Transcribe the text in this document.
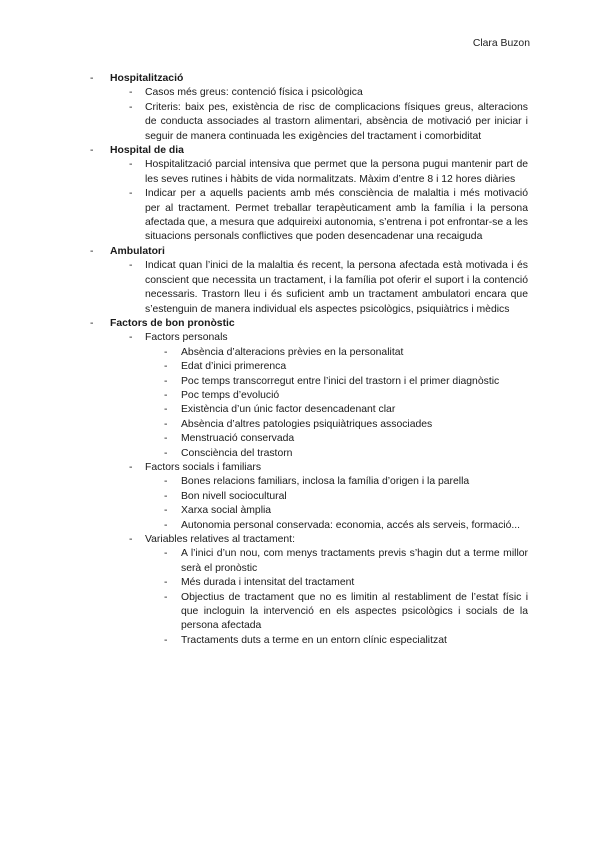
Clara Buzon
- Hospitalització
- Casos més greus: contenció física i psicològica
- Criteris: baix pes, existència de risc de complicacions físiques greus, alteracions de conducta associades al trastorn alimentari, absència de motivació per iniciar i seguir de manera continuada les exigències del tractament i comorbiditat
- Hospital de dia
- Hospitalització parcial intensiva que permet que la persona pugui mantenir part de les seves rutines i hàbits de vida normalitzats. Màxim d’entre 8 i 12 hores diàries
- Indicar per a aquells pacients amb més consciència de malaltia i més motivació per al tractament. Permet treballar terapèuticament amb la família i la persona afectada que, a mesura que adquireixi autonomia, s’entrena i pot enfrontar-se a les situacions personals conflictives que poden desencadenar una recaiguda
- Ambulatori
- Indicat quan l’inici de la malaltia és recent, la persona afectada està motivada i és conscient que necessita un tractament, i la família pot oferir el suport i la contenció necessaris. Trastorn lleu i és suficient amb un tractament ambulatori encara que s’estenguin de manera individual els aspectes psicològics, psiquiàtrics i mèdics
- Factors de bon pronòstic
- Factors personals
- Absència d’alteracions prèvies en la personalitat
- Edat d’inici primerenca
- Poc temps transcorregut entre l’inici del trastorn i el primer diagnòstic
- Poc temps d’evolució
- Existència d’un únic factor desencadenant clar
- Absència d’altres patologies psiquiàtriques associades
- Menstruació conservada
- Consciència del trastorn
- Factors socials i familiars
- Bones relacions familiars, inclosa la família d’origen i la parella
- Bon nivell sociocultural
- Xarxa social àmplia
- Autonomia personal conservada: economia, accés als serveis, formació...
- Variables relatives al tractament:
- A l’inici d’un nou, com menys tractaments previs s’hagin dut a terme millor serà el pronòstic
- Més durada i intensitat del tractament
- Objectius de tractament que no es limitin al restabliment de l’estat físic i que incloguin la intervenció en els aspectes psicològics i socials de la persona afectada
- Tractaments duts a terme en un entorn clínic especialitzat
